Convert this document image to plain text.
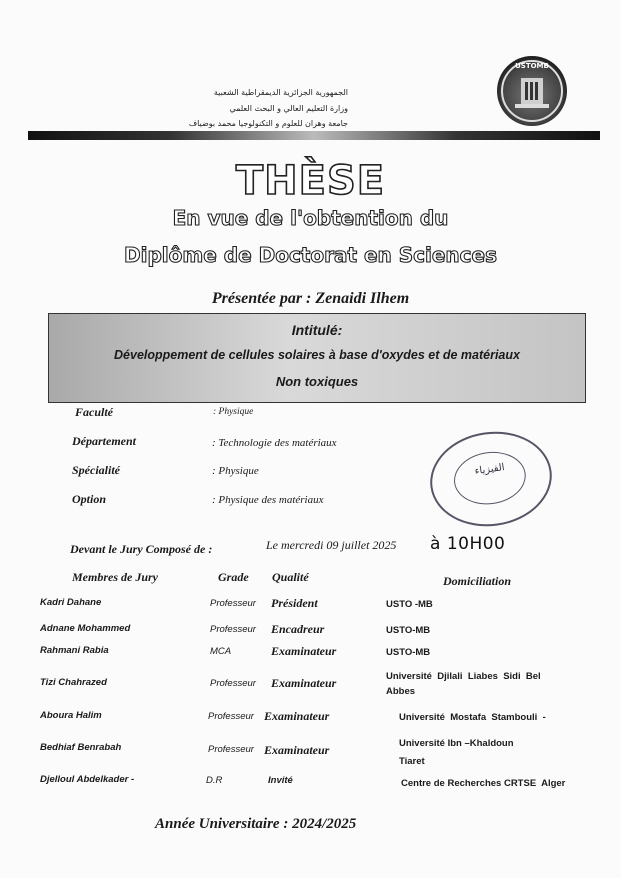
الجمهورية الجزائرية الديمقراطية الشعبية
وزارة التعليم العالي و البحث العلمي
جامعة وهران للعلوم و التكنولوجيا محمد بوضياف
USTOMB
THÈSE
En vue de l'obtention du
Diplôme de Doctorat en Sciences
Présentée par : Zenaidi Ilhem
Intitulé:
Développement de cellules solaires à base d'oxydes et de matériaux
Non toxiques
Faculté	: Physique
Département	: Technologie des matériaux
Spécialité	: Physique
Option	: Physique des matériaux
الفيزياء
Devant le Jury Composé de :	Le mercredi 09 juillet 2025 à 10H00
Membres de Jury	Grade Qualité	Domiciliation
Kadri Dahane	Professeur Président	USTO -MB
Adnane Mohammed	Professeur Encadreur	USTO-MB
Rahmani Rabia	MCA	Examinateur	USTO-MB
Tizi Chahrazed	Professeur Examinateur	Université  Djilali  Liabes  Sidi  Bel
Abbes
Aboura Halim	Professeur Examinateur	Université  Mostafa  Stambouli  -
Bedhiaf Benrabah	Professeur Examinateur	Université Ibn –Khaldoun
Tiaret
Djelloul Abdelkader -	D.R	Invité	Centre de Recherches CRTSE  Alger
Année Universitaire : 2024/2025
